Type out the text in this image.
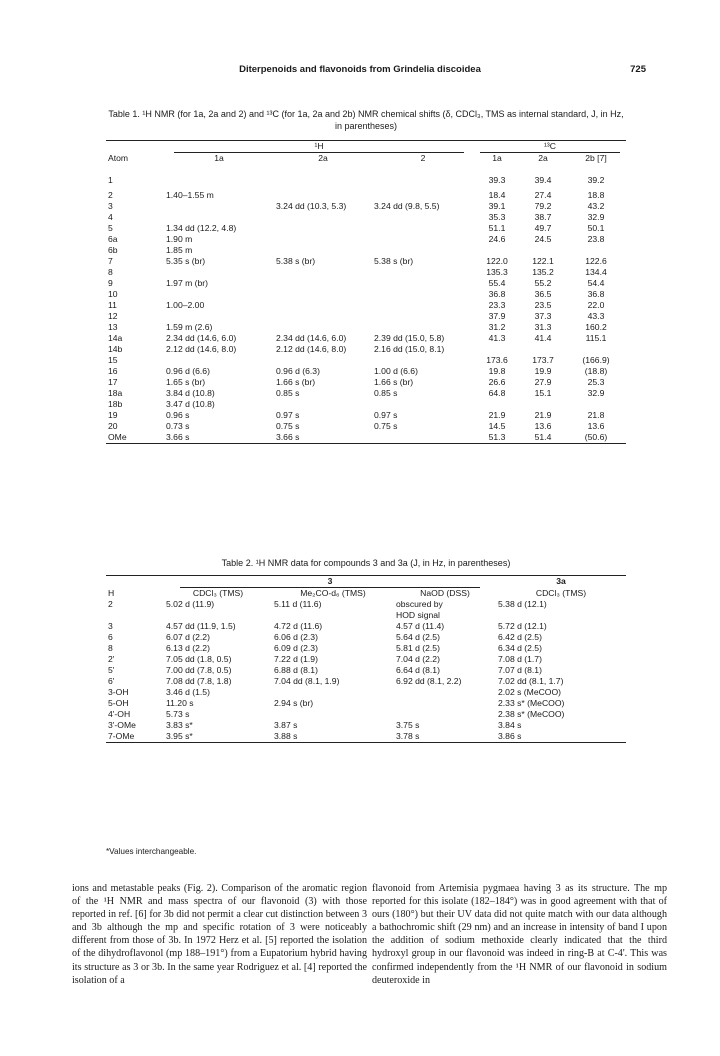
Diterpenoids and flavonoids from Grindelia discoidea	725
Table 1. ¹H NMR (for 1a, 2a and 2) and ¹³C (for 1a, 2a and 2b) NMR chemical shifts (δ, CDCl₃, TMS as internal standard, J, in Hz, in parentheses)
	¹H			¹³C		
Atom	1a	2a	2	1a	2a	2b [7]
1				39.3	39.4	39.2
2	1.40–1.55 m			18.4	27.4	18.8
3		3.24 dd (10.3, 5.3)	3.24 dd (9.8, 5.5)	39.1	79.2	43.2
4				35.3	38.7	32.9
5	1.34 dd (12.2, 4.8)			51.1	49.7	50.1
6a	1.90 m			24.6	24.5	23.8
6b	1.85 m					
7	5.35 s (br)	5.38 s (br)	5.38 s (br)	122.0	122.1	122.6
8				135.3	135.2	134.4
9	1.97 m (br)			55.4	55.2	54.4
10				36.8	36.5	36.8
11	1.00–2.00			23.3	23.5	22.0
12				37.9	37.3	43.3
13	1.59 m (2.6)			31.2	31.3	160.2
14a	2.34 dd (14.6, 6.0)	2.34 dd (14.6, 6.0)	2.39 dd (15.0, 5.8)	41.3	41.4	115.1
14b	2.12 dd (14.6, 8.0)	2.12 dd (14.6, 8.0)	2.16 dd (15.0, 8.1)			
15				173.6	173.7	(166.9)
16	0.96 d (6.6)	0.96 d (6.3)	1.00 d (6.6)	19.8	19.9	(18.8)
17	1.65 s (br)	1.66 s (br)	1.66 s (br)	26.6	27.9	25.3
18a	3.84 d (10.8)	0.85 s	0.85 s	64.8	15.1	32.9
18b	3.47 d (10.8)					
19	0.96 s	0.97 s	0.97 s	21.9	21.9	21.8
20	0.73 s	0.75 s	0.75 s	14.5	13.6	13.6
OMe	3.66 s	3.66 s		51.3	51.4	(50.6)
Table 2. ¹H NMR data for compounds 3 and 3a (J, in Hz, in parentheses)
	3			3a
H	CDCl₃ (TMS)	Me₂CO-d₆ (TMS)	NaOD (DSS)	CDCl₃ (TMS)
2	5.02 d (11.9)	5.11 d (11.6)	obscured by	5.38 d (12.1)
			HOD signal	
3	4.57 dd (11.9, 1.5)	4.72 d (11.6)	4.57 d (11.4)	5.72 d (12.1)
6	6.07 d (2.2)	6.06 d (2.3)	5.64 d (2.5)	6.42 d (2.5)
8	6.13 d (2.2)	6.09 d (2.3)	5.81 d (2.5)	6.34 d (2.5)
2'	7.05 dd (1.8, 0.5)	7.22 d (1.9)	7.04 d (2.2)	7.08 d (1.7)
5'	7.00 dd (7.8, 0.5)	6.88 d (8.1)	6.64 d (8.1)	7.07 d (8.1)
6'	7.08 dd (7.8, 1.8)	7.04 dd (8.1, 1.9)	6.92 dd (8.1, 2.2)	7.02 dd (8.1, 1.7)
3-OH	3.46 d (1.5)			2.02 s (MeCOO)
5-OH	11.20 s	2.94 s (br)		2.33 s* (MeCOO)
4'-OH	5.73 s			2.38 s* (MeCOO)
3'-OMe	3.83 s*	3.87 s	3.75 s	3.84 s
7-OMe	3.95 s*	3.88 s	3.78 s	3.86 s
*Values interchangeable.

ions and metastable peaks (Fig. 2). Comparison of the aromatic region of the ¹H NMR and mass spectra of our flavonoid (3) with those reported in ref. [6] for 3b did not permit a clear cut distinction between 3 and 3b although the mp and specific rotation of 3 were noticeably different from those of 3b. In 1972 Herz et al. [5] reported the isolation of the dihydroflavonol (mp 188–191°) from a Eupatorium hybrid having its structure as 3 or 3b. In the same year Rodriguez et al. [4] reported the isolation of a

flavonoid from Artemisia pygmaea having 3 as its structure. The mp reported for this isolate (182–184°) was in good agreement with that of ours (180°) but their UV data did not quite match with our data although a bathochromic shift (29 nm) and an increase in intensity of band I upon the addition of sodium methoxide clearly indicated that the third hydroxyl group in our flavonoid was indeed in ring-B at C-4'. This was confirmed independently from the ¹H NMR of our flavonoid in sodium deuteroxide in
